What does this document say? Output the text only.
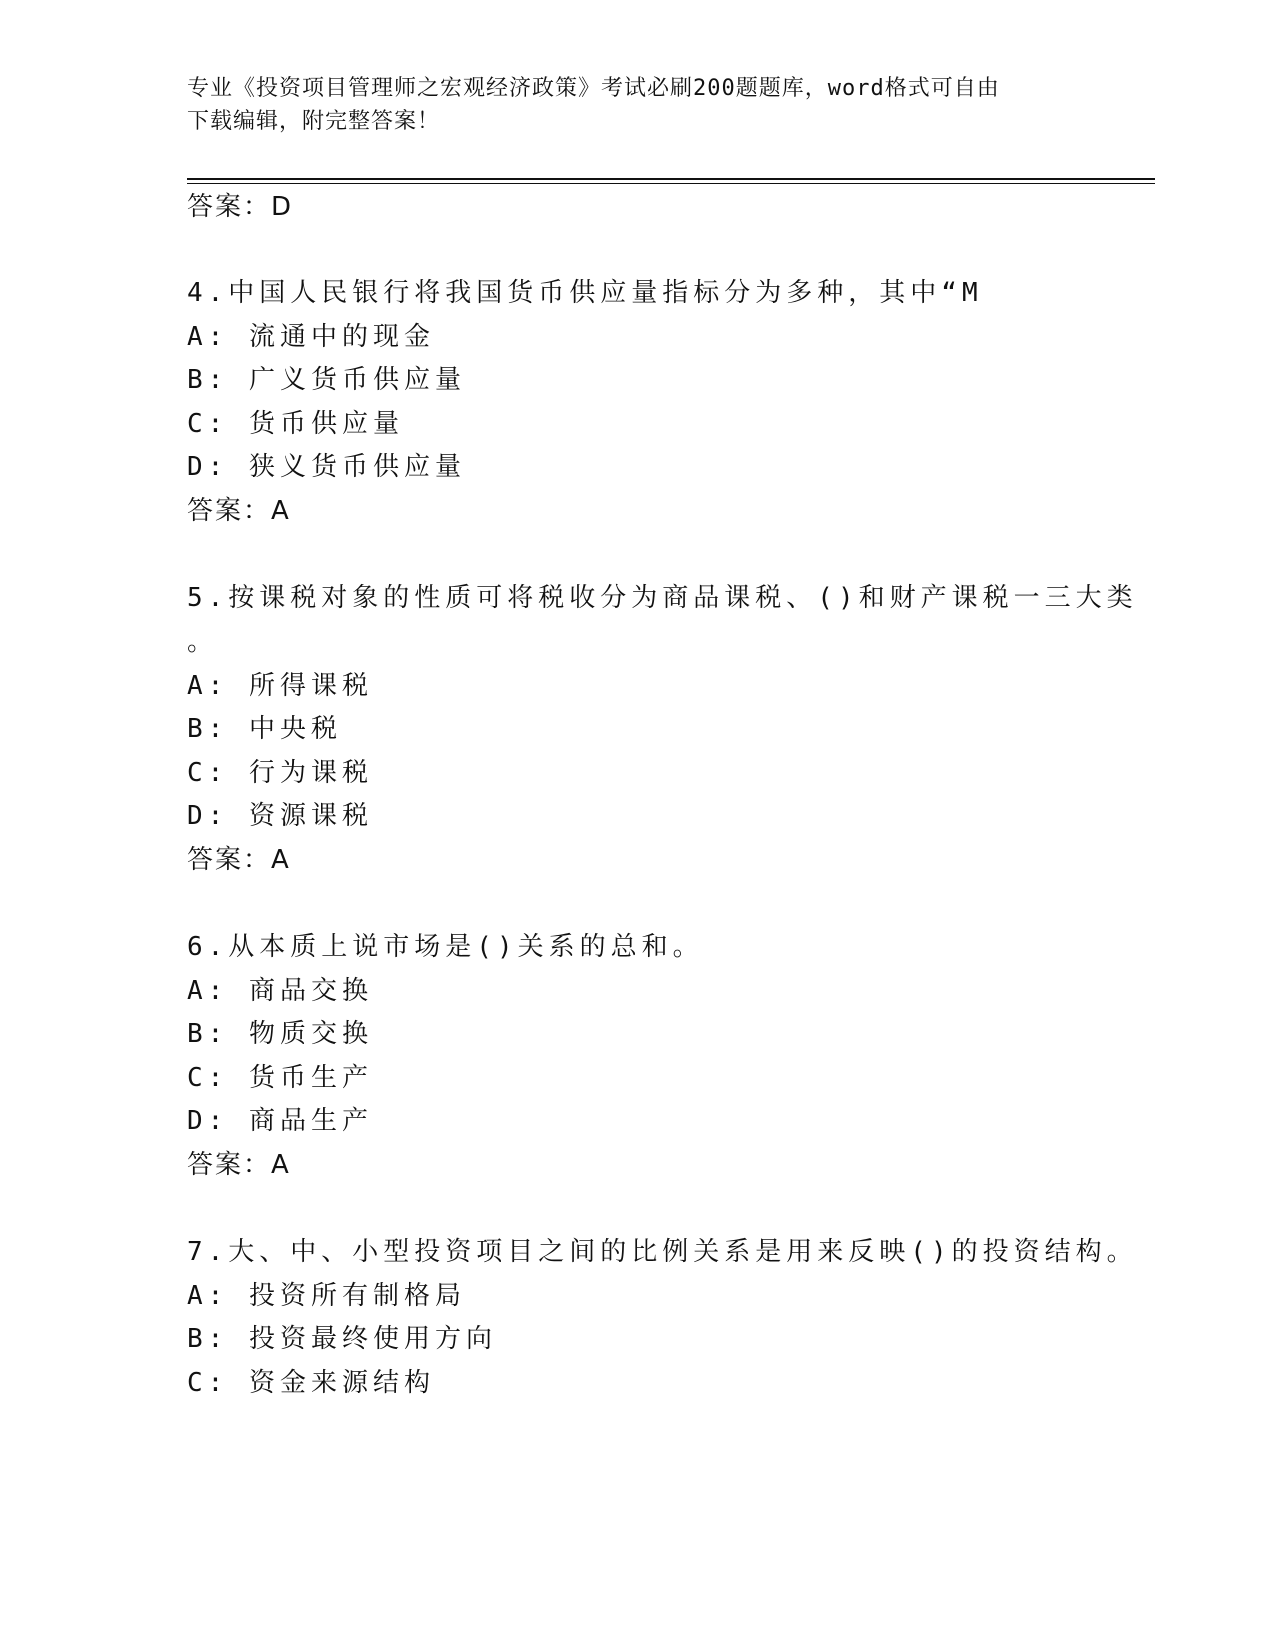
专业《投资项目管理师之宏观经济政策》考试必刷200题题库，word格式可自由
下载编辑，附完整答案！
答案：D
4.中国人民银行将我国货币供应量指标分为多种，其中“M
A: 流通中的现金
B: 广义货币供应量
C: 货币供应量
D: 狭义货币供应量
答案：A
5.按课税对象的性质可将税收分为商品课税、()和财产课税一三大类
。
A: 所得课税
B: 中央税
C: 行为课税
D: 资源课税
答案：A
6.从本质上说市场是()关系的总和。
A: 商品交换
B: 物质交换
C: 货币生产
D: 商品生产
答案：A
7.大、中、小型投资项目之间的比例关系是用来反映()的投资结构。
A: 投资所有制格局
B: 投资最终使用方向
C: 资金来源结构
